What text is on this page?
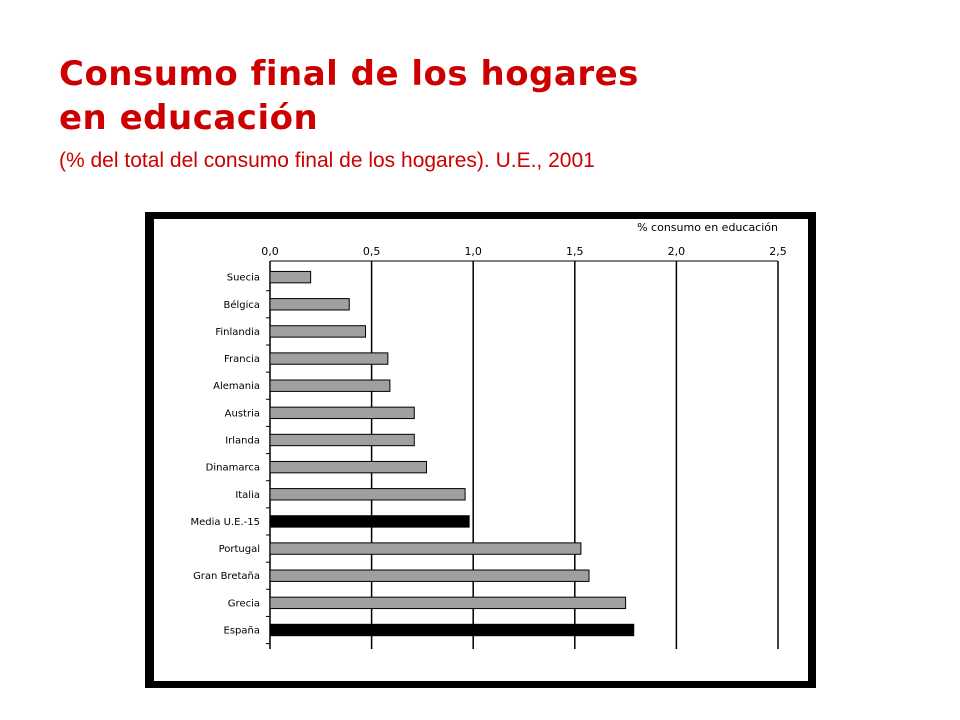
Consumo final de los hogares
en educación

(% del total del consumo final de los hogares). U.E., 2001

0,0	0,5	1,0	1,5	2,0	2,5
Suecia
Bélgica
Finlandia
Francia
Alemania
Austria
Irlanda
Dinamarca
Italia
Media U.E.-15
Portugal
Gran Bretaña
Grecia
España
% consumo en educación
